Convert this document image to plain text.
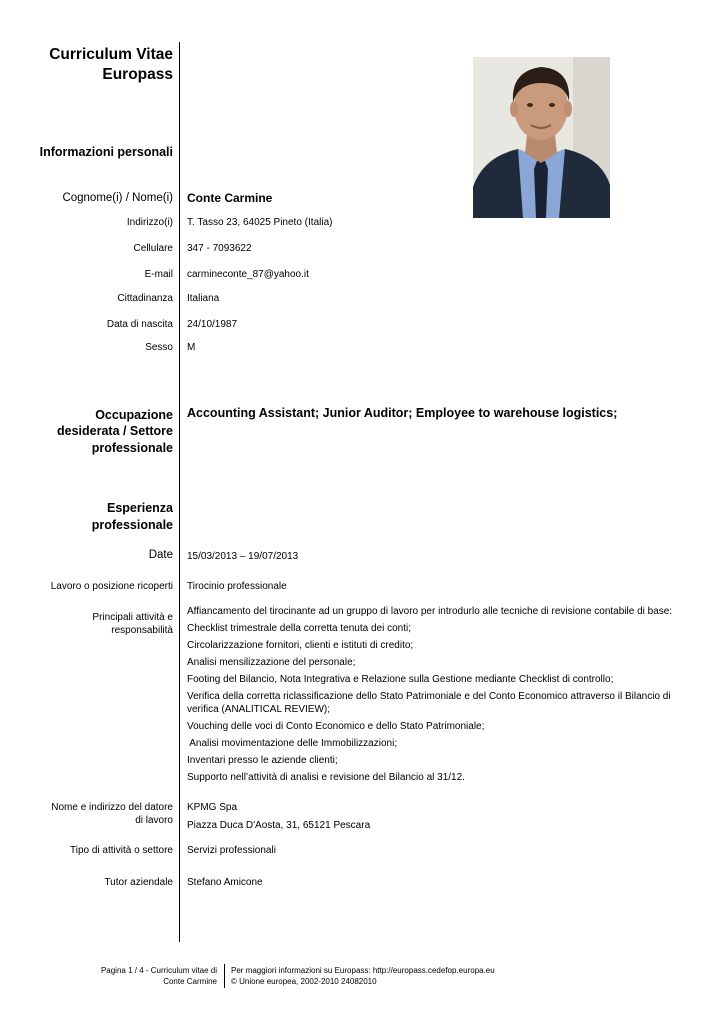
Curriculum Vitae
Europass
Informazioni personali
Cognome(i) / Nome(i) Conte Carmine
Indirizzo(i) T. Tasso 23, 64025 Pineto (Italia)
Cellulare 347 - 7093622
E-mail carmineconte_87@yahoo.it
Cittadinanza Italiana
Data di nascita 24/10/1987
Sesso M
Occupazione
desiderata / Settore
professionale
Accounting Assistant; Junior Auditor; Employee to warehouse logistics;
Esperienza
professionale
Date 15/03/2013 – 19/07/2013
Lavoro o posizione ricoperti Tirocinio professionale
Principali attività e
responsabilità
Affiancamento del tirocinante ad un gruppo di lavoro per introdurlo alle tecniche di revisione contabile di base:
Checklist trimestrale della corretta tenuta dei conti;
Circolarizzazione fornitori, clienti e istituti di credito;
Analisi mensilizzazione del personale;
Footing del Bilancio, Nota Integrativa e Relazione sulla Gestione mediante Checklist di controllo;
Verifica della corretta riclassificazione dello Stato Patrimoniale e del Conto Economico attraverso il Bilancio di verifica (ANALITICAL REVIEW);
Vouching delle voci di Conto Economico e dello Stato Patrimoniale;
Analisi movimentazione delle Immobilizzazioni;
Inventari presso le aziende clienti;
Supporto nell’attività di analisi e revisione del Bilancio al 31/12.
Nome e indirizzo del datore
di lavoro
KPMG Spa
Piazza Duca D'Aosta, 31, 65121 Pescara
Tipo di attività o settore Servizi professionali
Tutor aziendale Stefano Amicone
Pagina 1 / 4 - Curriculum vitae di
Conte Carmine
Per maggiori informazioni su Europass: http://europass.cedefop.europa.eu
© Unione europea, 2002-2010 24082010
